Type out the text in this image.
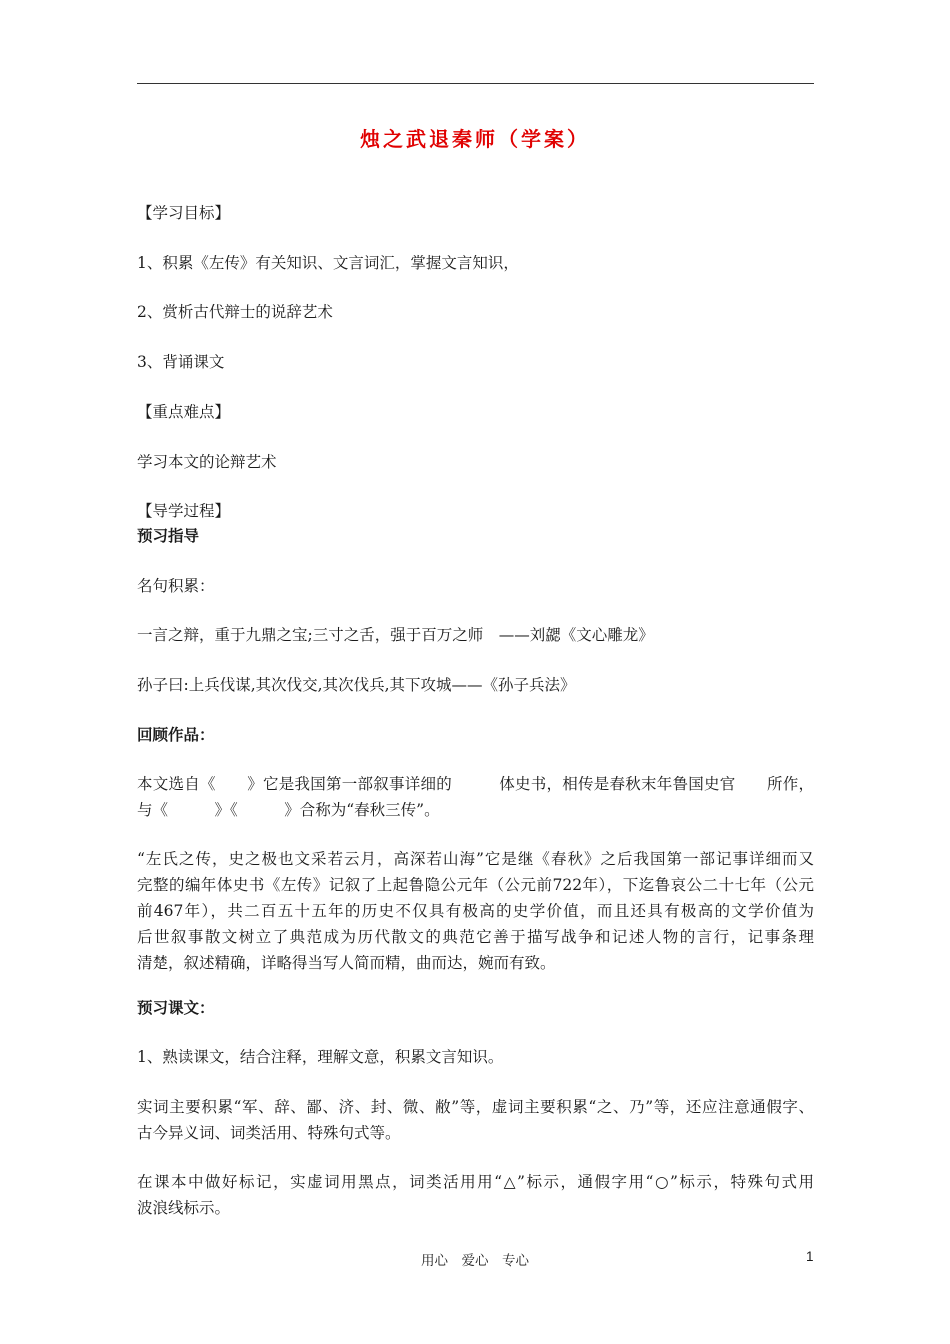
烛之武退秦师（学案）
【学习目标】
1、积累《左传》有关知识、文言词汇，掌握文言知识，
2、赏析古代辩士的说辞艺术
3、背诵课文
【重点难点】
学习本文的论辩艺术
【导学过程】
预习指导
名句积累：
一言之辩，重于九鼎之宝;三寸之舌，强于百万之师　——刘勰《文心雕龙》
孙子曰:上兵伐谋,其次伐交,其次伐兵,其下攻城——《孙子兵法》
回顾作品：
本文选自《　　》它是我国第一部叙事详细的　　　体史书，相传是春秋末年鲁国史官　　所作，
与《　　　》《　　　》合称为“春秋三传”。
“左氏之传，史之极也文采若云月，高深若山海”它是继《春秋》之后我国第一部记事详细而又
完整的编年体史书《左传》记叙了上起鲁隐公元年（公元前722年），下迄鲁哀公二十七年（公元
前467年），共二百五十五年的历史不仅具有极高的史学价值，而且还具有极高的文学价值为
后世叙事散文树立了典范成为历代散文的典范它善于描写战争和记述人物的言行，记事条理
清楚，叙述精确，详略得当写人简而精，曲而达，婉而有致。
预习课文：
1、熟读课文，结合注释，理解文意，积累文言知识。
实词主要积累“军、辞、鄙、济、封、微、敝”等，虚词主要积累“之、乃”等，还应注意通假字、
古今异义词、词类活用、特殊句式等。
在课本中做好标记，实虚词用黑点，词类活用用“△”标示，通假字用“○”标示，特殊句式用
波浪线标示。
用心　爱心　专心	1
